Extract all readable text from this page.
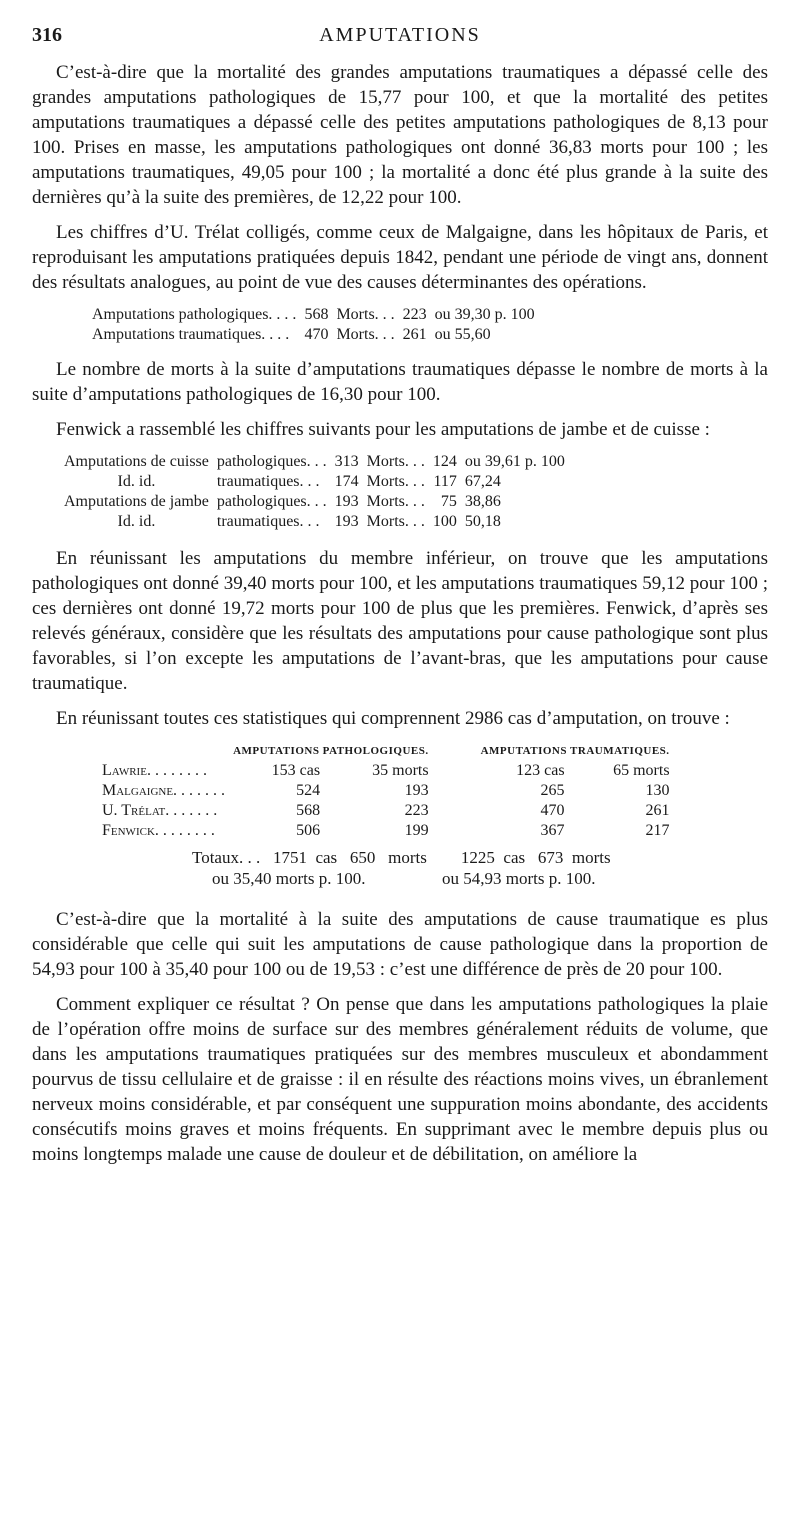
316	AMPUTATIONS

C’est-à-dire que la mortalité des grandes amputations traumatiques a dépassé celle des grandes amputations pathologiques de 15,77 pour 100, et que la mortalité des petites amputations traumatiques a dépassé celle des petites amputations pathologiques de 8,13 pour 100. Prises en masse, les amputations pathologiques ont donné 36,83 morts pour 100 ; les amputations traumatiques, 49,05 pour 100 ; la mortalité a donc été plus grande à la suite des dernières qu’à la suite des premières, de 12,22 pour 100.

Les chiffres d’U. Trélat colligés, comme ceux de Malgaigne, dans les hôpitaux de Paris, et reproduisant les amputations pratiquées depuis 1842, pendant une période de vingt ans, donnent des résultats analogues, au point de vue des causes déterminantes des opérations.

Amputations pathologiques. . . .	568	Morts. . .	223	ou 39,30 p. 100
Amputations traumatiques. . . .	470	Morts. . .	261	ou 55,60

Le nombre de morts à la suite d’amputations traumatiques dépasse le nombre de morts à la suite d’amputations pathologiques de 16,30 pour 100.

Fenwick a rassemblé les chiffres suivants pour les amputations de jambe et de cuisse :

Amputations de cuisse	pathologiques. . .	313	Morts. . .	124	ou 39,61 p. 100
Id. id.	traumatiques. . .	174	Morts. . .	117	67,24
Amputations de jambe	pathologiques. . .	193	Morts. . .	75	38,86
Id. id.	traumatiques. . .	193	Morts. . .	100	50,18

En réunissant les amputations du membre inférieur, on trouve que les amputations pathologiques ont donné 39,40 morts pour 100, et les amputations traumatiques 59,12 pour 100 ; ces dernières ont donné 19,72 morts pour 100 de plus que les premières. Fenwick, d’après ses relevés généraux, considère que les résultats des amputations pour cause pathologique sont plus favorables, si l’on excepte les amputations de l’avant-bras, que les amputations pour cause traumatique.

En réunissant toutes ces statistiques qui comprennent 2986 cas d’amputation, on trouve :

	AMPUTATIONS PATHOLOGIQUES.			AMPUTATIONS TRAUMATIQUES.	
Lawrie. . . . . . . .	153 cas	35 morts		123 cas	65 morts
Malgaigne. . . . . . .	524	193		265	130
U. Trélat. . . . . . .	568	223		470	261
Fenwick. . . . . . . .	506	199		367	217
Totaux. . .   1751  cas   650   morts        1225  cas   673  morts
ou 35,40 morts p. 100.                  ou 54,93 morts p. 100.

C’est-à-dire que la mortalité à la suite des amputations de cause traumatique es plus considérable que celle qui suit les amputations de cause pathologique dans la proportion de 54,93 pour 100 à 35,40 pour 100 ou de 19,53 : c’est une différence de près de 20 pour 100.

Comment expliquer ce résultat ? On pense que dans les amputations pathologiques la plaie de l’opération offre moins de surface sur des membres généralement réduits de volume, que dans les amputations traumatiques pratiquées sur des membres musculeux et abondamment pourvus de tissu cellulaire et de graisse : il en résulte des réactions moins vives, un ébranlement nerveux moins considérable, et par conséquent une suppuration moins abondante, des accidents consécutifs moins graves et moins fréquents. En supprimant avec le membre depuis plus ou moins longtemps malade une cause de douleur et de débilitation, on améliore la
